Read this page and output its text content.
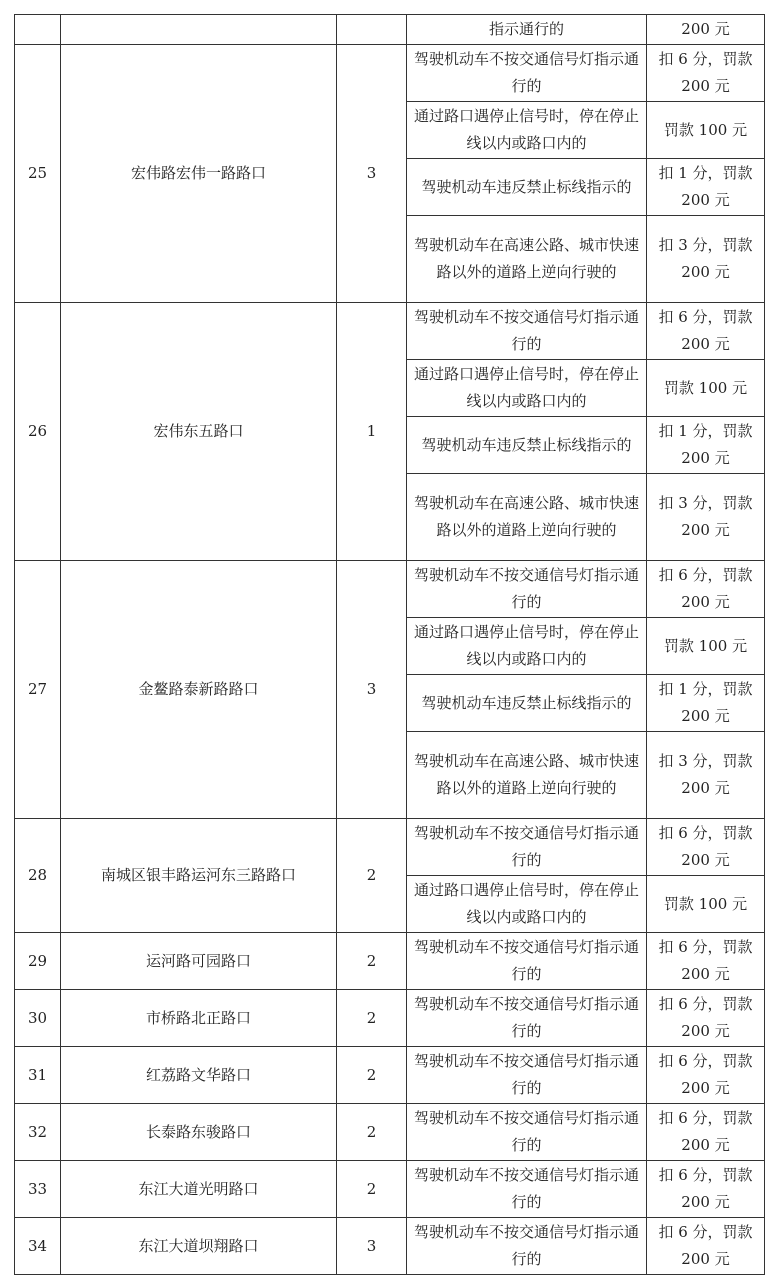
			指示通行的	200 元
25	宏伟路宏伟一路路口	3	驾驶机动车不按交通信号灯指示通行的	扣 6 分，罚款 200 元
			通过路口遇停止信号时，停在停止线以内或路口内的	罚款 100 元
			驾驶机动车违反禁止标线指示的	扣 1 分，罚款 200 元
			驾驶机动车在高速公路、城市快速路以外的道路上逆向行驶的	扣 3 分，罚款 200 元
26	宏伟东五路口	1	驾驶机动车不按交通信号灯指示通行的	扣 6 分，罚款 200 元
			通过路口遇停止信号时，停在停止线以内或路口内的	罚款 100 元
			驾驶机动车违反禁止标线指示的	扣 1 分，罚款 200 元
			驾驶机动车在高速公路、城市快速路以外的道路上逆向行驶的	扣 3 分，罚款 200 元
27	金鳌路泰新路路口	3	驾驶机动车不按交通信号灯指示通行的	扣 6 分，罚款 200 元
			通过路口遇停止信号时，停在停止线以内或路口内的	罚款 100 元
			驾驶机动车违反禁止标线指示的	扣 1 分，罚款 200 元
			驾驶机动车在高速公路、城市快速路以外的道路上逆向行驶的	扣 3 分，罚款 200 元
28	南城区银丰路运河东三路路口	2	驾驶机动车不按交通信号灯指示通行的	扣 6 分，罚款 200 元
			通过路口遇停止信号时，停在停止线以内或路口内的	罚款 100 元
29	运河路可园路口	2	驾驶机动车不按交通信号灯指示通行的	扣 6 分，罚款 200 元
30	市桥路北正路口	2	驾驶机动车不按交通信号灯指示通行的	扣 6 分，罚款 200 元
31	红荔路文华路口	2	驾驶机动车不按交通信号灯指示通行的	扣 6 分，罚款 200 元
32	长泰路东骏路口	2	驾驶机动车不按交通信号灯指示通行的	扣 6 分，罚款 200 元
33	东江大道光明路口	2	驾驶机动车不按交通信号灯指示通行的	扣 6 分，罚款 200 元
34	东江大道坝翔路口	3	驾驶机动车不按交通信号灯指示通行的	扣 6 分，罚款 200 元
